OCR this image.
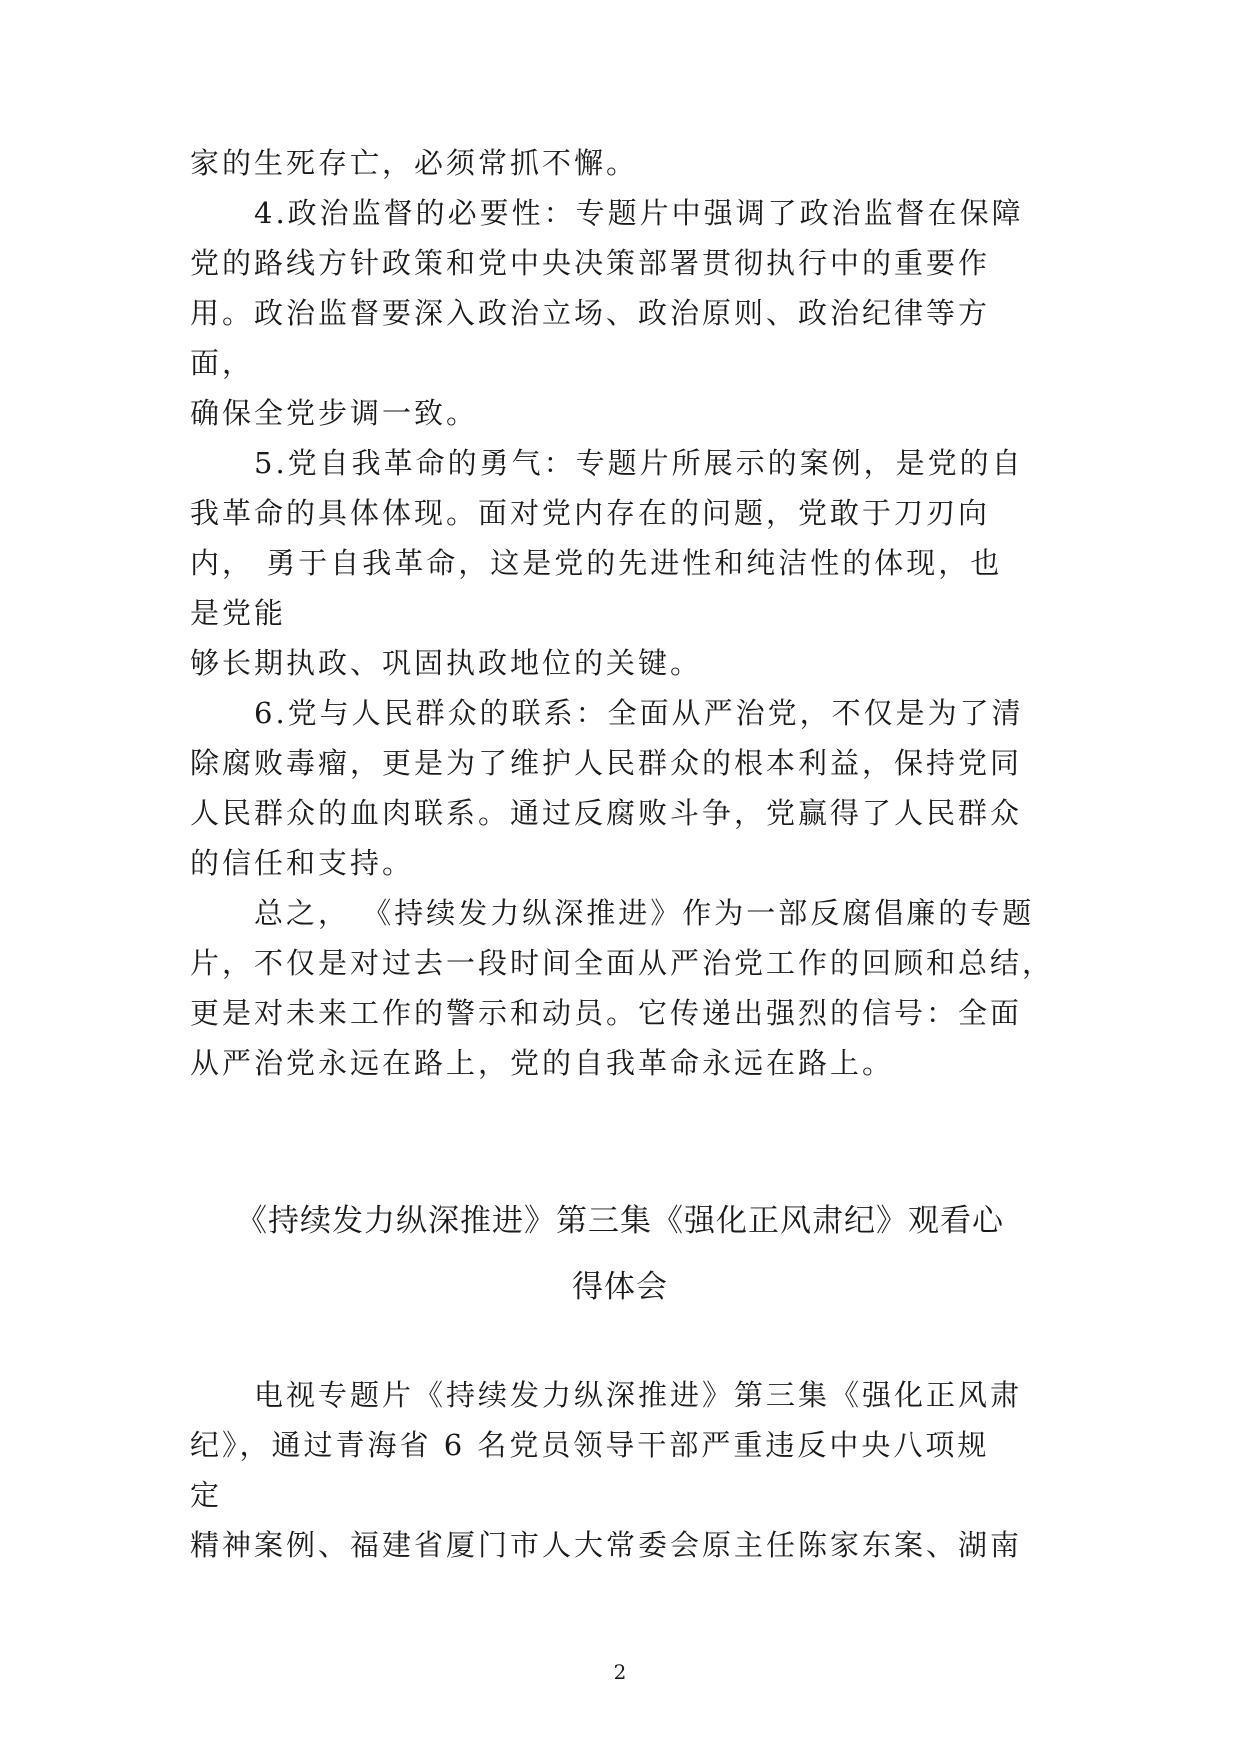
家的生死存亡，必须常抓不懈。
4.政治监督的必要性：专题片中强调了政治监督在保障
党的路线方针政策和党中央决策部署贯彻执行中的重要作
用。政治监督要深入政治立场、政治原则、政治纪律等方
面，
确保全党步调一致。
5.党自我革命的勇气：专题片所展示的案例，是党的自
我革命的具体体现。面对党内存在的问题，党敢于刀刃向
内， 勇于自我革命，这是党的先进性和纯洁性的体现，也
是党能
够长期执政、巩固执政地位的关键。
6.党与人民群众的联系：全面从严治党，不仅是为了清
除腐败毒瘤，更是为了维护人民群众的根本利益，保持党同
人民群众的血肉联系。通过反腐败斗争，党赢得了人民群众
的信任和支持。
总之， 《持续发力纵深推进》作为一部反腐倡廉的专题
片，不仅是对过去一段时间全面从严治党工作的回顾和总结，
更是对未来工作的警示和动员。它传递出强烈的信号：全面
从严治党永远在路上，党的自我革命永远在路上。
《持续发力纵深推进》第三集《强化正风肃纪》观看心
得体会
电视专题片《持续发力纵深推进》第三集《强化正风肃
纪》，通过青海省 6 名党员领导干部严重违反中央八项规
定
精神案例、福建省厦门市人大常委会原主任陈家东案、湖南
2
